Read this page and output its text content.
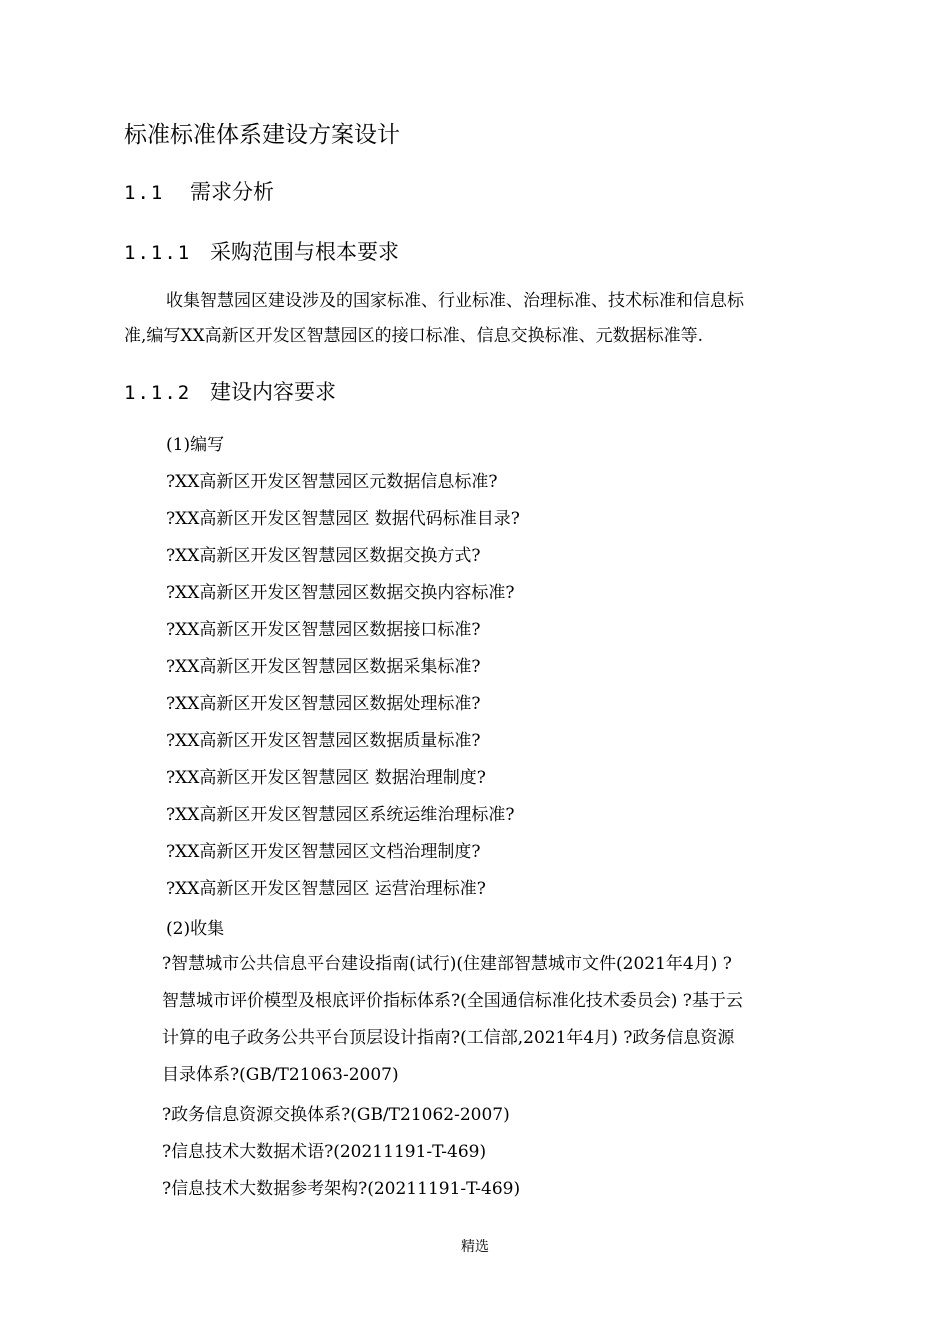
标准标准体系建设方案设计
1.1 需求分析
1.1.1 采购范围与根本要求
收集智慧园区建设涉及的国家标准、行业标准、治理标准、技术标准和信息标
准,编写XX高新区开发区智慧园区的接口标准、信息交换标准、元数据标准等.
1.1.2 建设内容要求
(1)编写
?XX高新区开发区智慧园区元数据信息标准?
?XX高新区开发区智慧园区 数据代码标准目录?
?XX高新区开发区智慧园区数据交换方式?
?XX高新区开发区智慧园区数据交换内容标准?
?XX高新区开发区智慧园区数据接口标准?
?XX高新区开发区智慧园区数据采集标准?
?XX高新区开发区智慧园区数据处理标准?
?XX高新区开发区智慧园区数据质量标准?
?XX高新区开发区智慧园区 数据治理制度?
?XX高新区开发区智慧园区系统运维治理标准?
?XX高新区开发区智慧园区文档治理制度?
?XX高新区开发区智慧园区 运营治理标准?
(2)收集
?智慧城市公共信息平台建设指南(试行)(住建部智慧城市文件(2021年4月) ?
智慧城市评价模型及根底评价指标体系?(全国通信标准化技术委员会) ?基于云
计算的电子政务公共平台顶层设计指南?(工信部,2021年4月) ?政务信息资源
目录体系?(GB/T21063-2007)
?政务信息资源交换体系?(GB/T21062-2007)
?信息技术大数据术语?(20211191-T-469)
?信息技术大数据参考架构?(20211191-T-469)
精选
